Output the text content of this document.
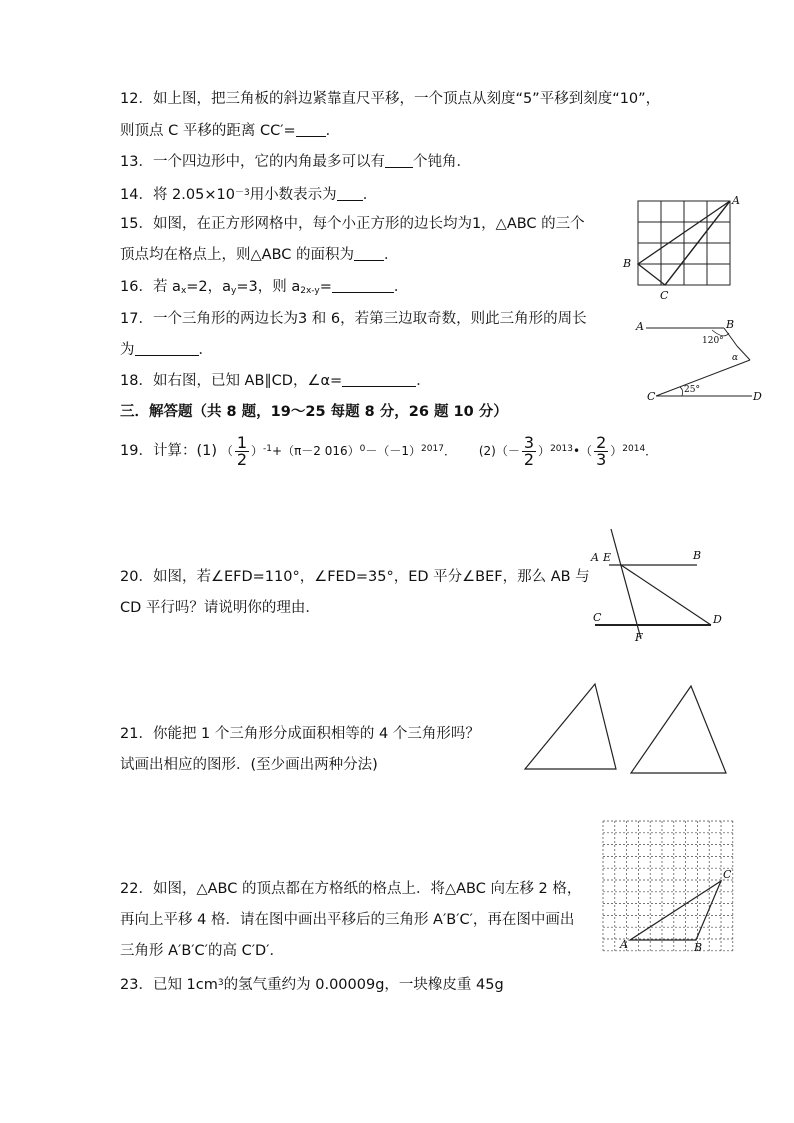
12．如上图，把三角板的斜边紧靠直尺平移，一个顶点从刻度“5”平移到刻度“10”，
则顶点 C 平移的距离 CC′= ．
13．一个四边形中，它的内角最多可以有 个钝角．
14．将 $2.05\times 10^{-3}$用小数表示为 ．
15．如图，在正方形网格中，每个小正方形的边长均为1，△ABC 的三个
顶点均在格点上，则△ABC 的面积为 ．
16．若 $a_x=2$，$a_y=3$，则 $a_{2x-y}=$	．
17．一个三角形的两边长为3 和 6，若第三边取奇数，则此三角形的周长
为	．
18．如右图，已知 AB∥CD，∠α=	．
三．解答题（共 8 题，19～25 每题 8 分，26 题 10 分）
19．计算：(1) （ $\frac{1}{2} )^{-1}+(\pi-2$ $016)^0-(-1)^{2017}$． $(2)(- \frac{3}{2}$ ）$^{2013}•( \frac{2}{3} )^{2014}$．
20．如图，若∠EFD=110°，∠FED=35°，ED 平分∠BEF，那么 AB 与
CD 平行吗？请说明你的理由．
21．你能把 1 个三角形分成面积相等的 4 个三角形吗？
试画出相应的图形．(至少画出两种分法)
22．如图，△ABC 的顶点都在方格纸的格点上．将△ABC 向左移 2 格，
再向上平移 4 格．请在图中画出平移后的三角形 A′B′C′，再在图中画出
三角形 A′B′C′的高 C′D′．
23．已知 $1cm^3$的氢气重约为 0.00009g，一块橡皮重 45g
A
B
C
A	B
120°
α
25°
C	D
A E	B
C
F
D
A	B
C
